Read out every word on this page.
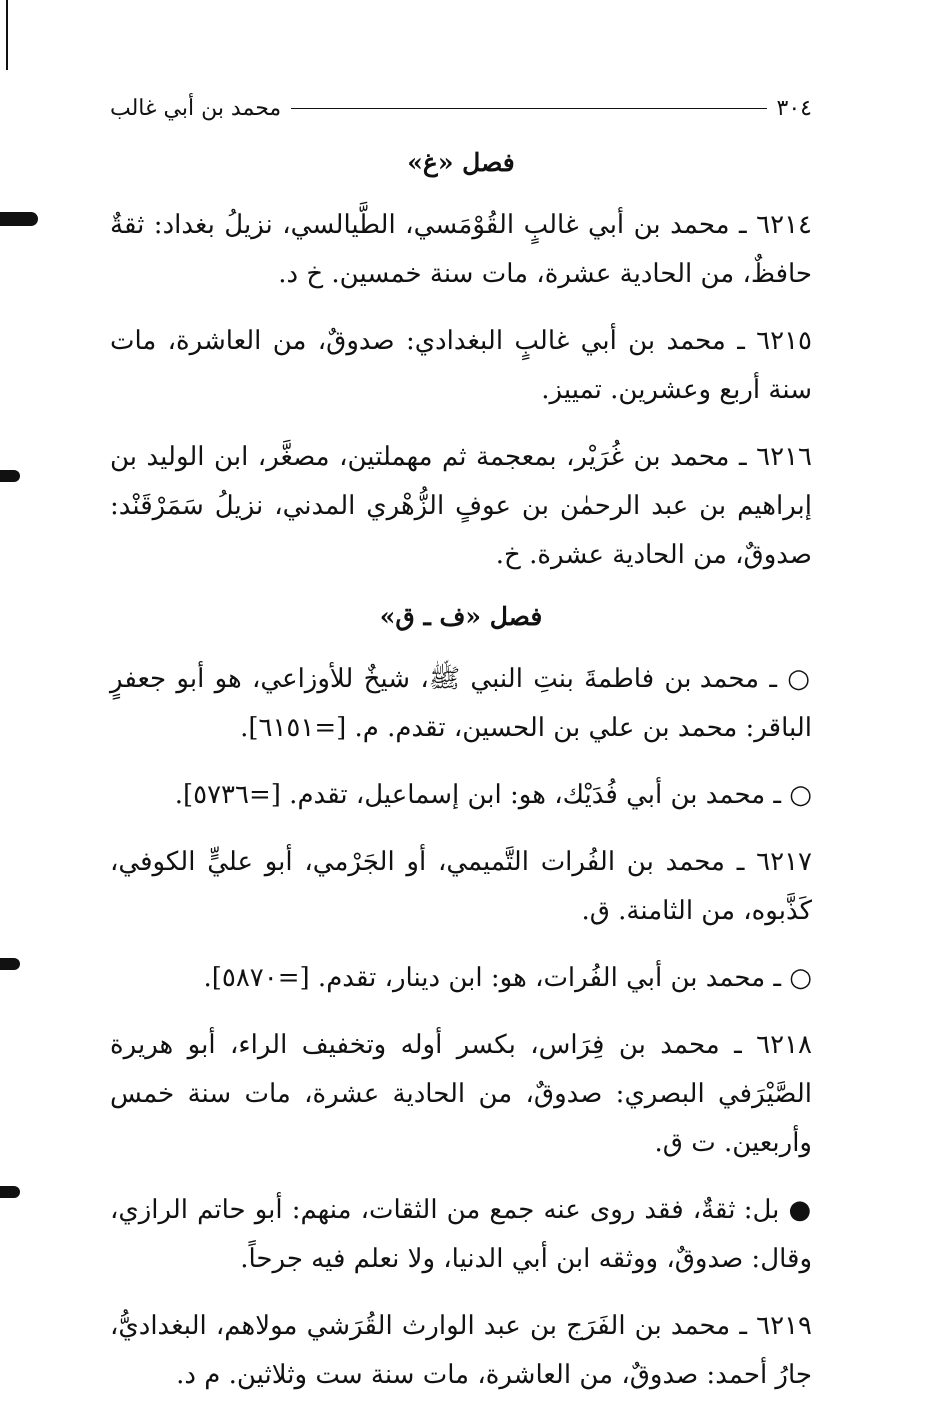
٣٠٤
محمد بن أبي غالب
فصل «غ»

٦٢١٤ ـ محمد بن أبي غالبٍ القُوْمَسي، الطَّيالسي، نزيلُ بغداد: ثقةٌ حافظٌ، من الحادية عشرة، مات سنة خمسين. خ د.

٦٢١٥ ـ محمد بن أبي غالبٍ البغدادي: صدوقٌ، من العاشرة، مات سنة أربع وعشرين. تمييز.

٦٢١٦ ـ محمد بن غُرَيْر، بمعجمة ثم مهملتين، مصغَّر، ابن الوليد بن إبراهيم بن عبد الرحمٰن بن عوفٍ الزُّهْري المدني، نزيلُ سَمَرْقَنْد: صدوقٌ، من الحادية عشرة. خ.

فصل «ف ـ ق»

○ ـ محمد بن فاطمةَ بنتِ النبي ﷺ، شيخٌ للأوزاعي، هو أبو جعفرٍ الباقر: محمد بن علي بن الحسين، تقدم. م. [=٦١٥١].

○ ـ محمد بن أبي فُدَيْك، هو: ابن إسماعيل، تقدم. [=٥٧٣٦].

٦٢١٧ ـ محمد بن الفُرات التَّميمي، أو الجَرْمي، أبو عليٍّ الكوفي، كَذَّبوه، من الثامنة. ق.

○ ـ محمد بن أبي الفُرات، هو: ابن دينار، تقدم. [=٥٨٧٠].

٦٢١٨ ـ محمد بن فِرَاس، بكسر أوله وتخفيف الراء، أبو هريرة الصَّيْرَفي البصري: صدوقٌ، من الحادية عشرة، مات سنة خمس وأربعين. ت ق.

● بل: ثقةٌ، فقد روى عنه جمع من الثقات، منهم: أبو حاتم الرازي، وقال: صدوقٌ، ووثقه ابن أبي الدنيا، ولا نعلم فيه جرحاً.

٦٢١٩ ـ محمد بن الفَرَج بن عبد الوارث القُرَشي مولاهم، البغداديُّ، جارُ أحمد: صدوقٌ، من العاشرة، مات سنة ست وثلاثين. م د.
